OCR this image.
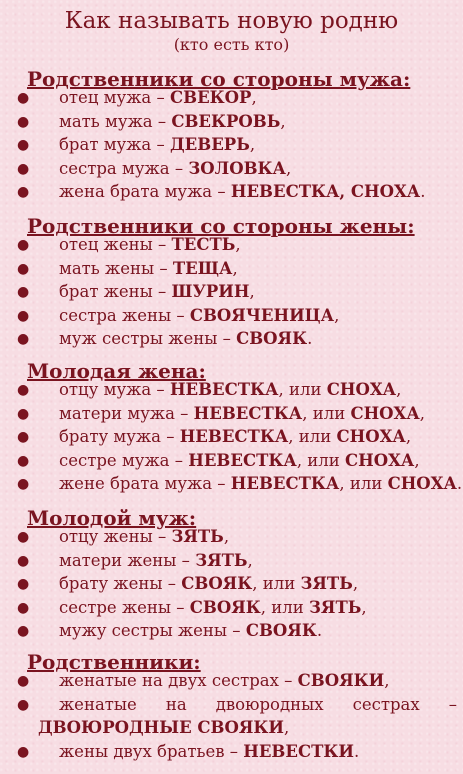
Как называть новую родню
(кто есть кто)
Родственники со стороны мужа:
● отец мужа – СВЕКОР,
● мать мужа – СВЕКРОВЬ,
● брат мужа – ДЕВЕРЬ,
● сестра мужа – ЗОЛОВКА,
● жена брата мужа – НЕВЕСТКА, СНОХА.
Родственники со стороны жены:
● отец жены – ТЕСТЬ,
● мать жены – ТЕЩА,
● брат жены – ШУРИН,
● сестра жены – СВОЯЧЕНИЦА,
● муж сестры жены – СВОЯК.
Молодая жена:
● отцу мужа – НЕВЕСТКА, или СНОХА,
● матери мужа – НЕВЕСТКА, или СНОХА,
● брату мужа – НЕВЕСТКА, или СНОХА,
● сестре мужа – НЕВЕСТКА, или СНОХА,
● жене брата мужа – НЕВЕСТКА, или СНОХА.
Молодой муж:
● отцу жены – ЗЯТЬ,
● матери жены – ЗЯТЬ,
● брату жены – СВОЯК, или ЗЯТЬ,
● сестре жены – СВОЯК, или ЗЯТЬ,
● мужу сестры жены – СВОЯК.
Родственники:
● женатые на двух сестрах – СВОЯКИ,
● женатые на двоюродных сестрах –
ДВОЮРОДНЫЕ СВОЯКИ,
● жены двух братьев – НЕВЕСТКИ.
